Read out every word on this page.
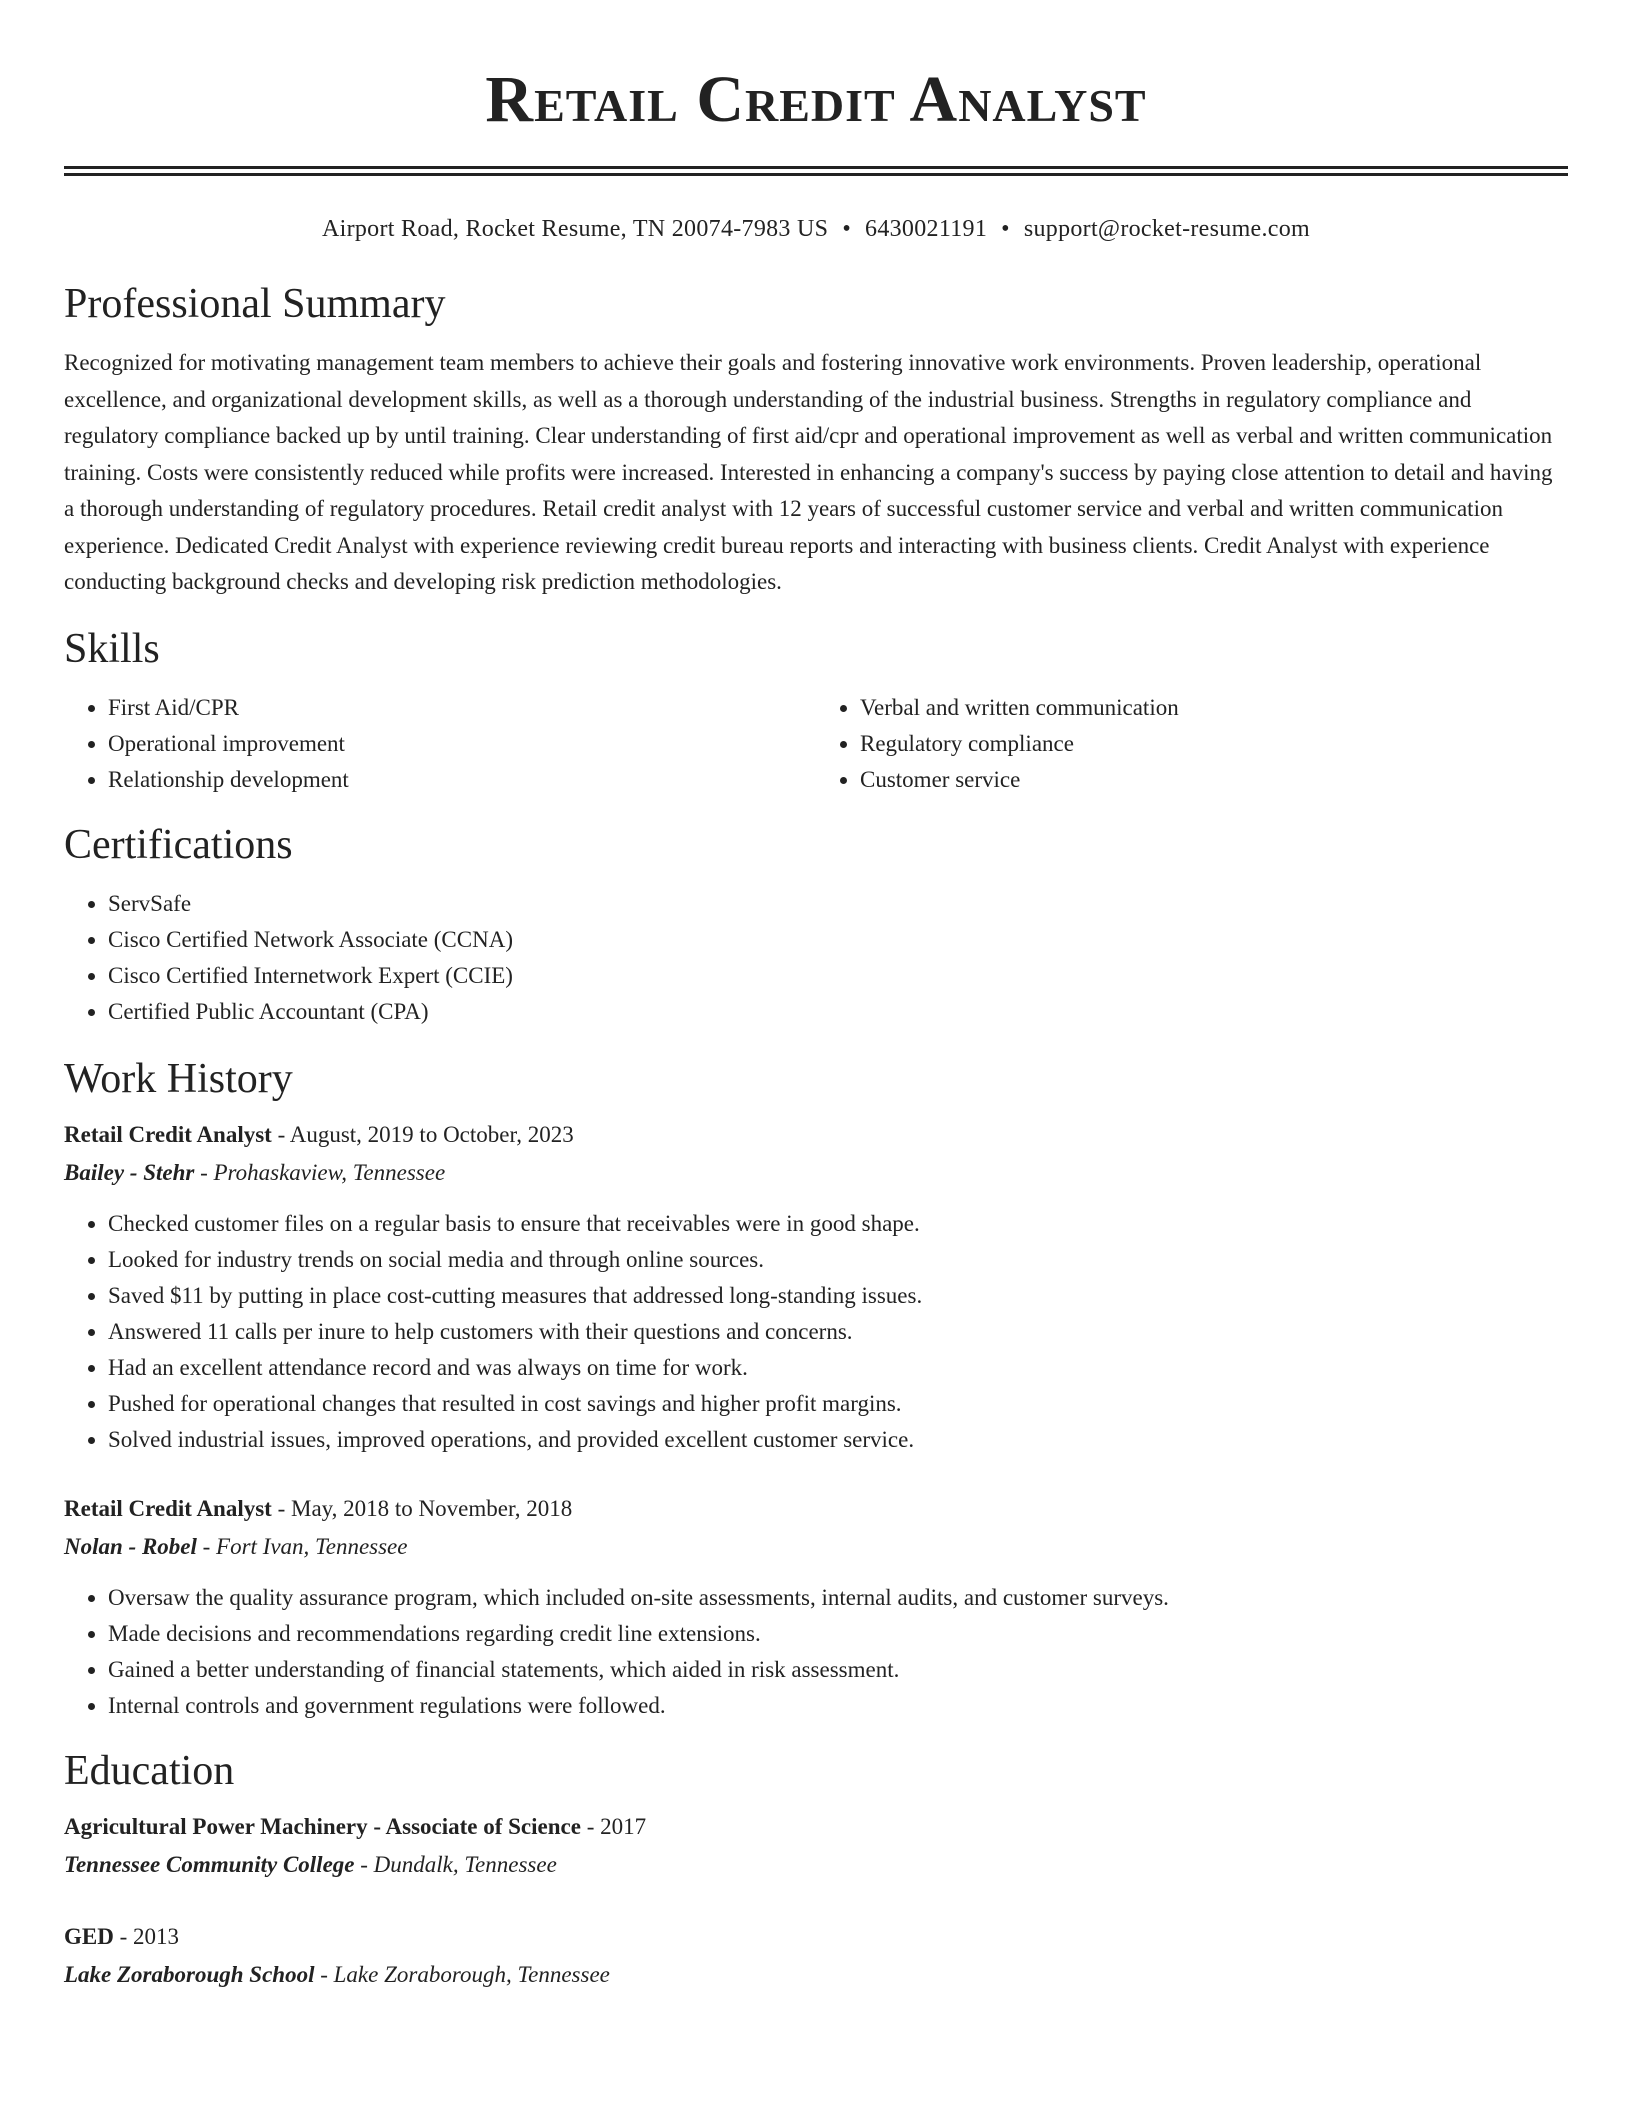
Retail Credit Analyst
Airport Road, Rocket Resume, TN 20074-7983 US • 6430021191 • support@rocket-resume.com
Professional Summary

Recognized for motivating management team members to achieve their goals and fostering innovative work environments. Proven leadership, operational excellence, and organizational development skills, as well as a thorough understanding of the industrial business. Strengths in regulatory compliance and regulatory compliance backed up by until training. Clear understanding of first aid/cpr and operational improvement as well as verbal and written communication training. Costs were consistently reduced while profits were increased. Interested in enhancing a company's success by paying close attention to detail and having a thorough understanding of regulatory procedures. Retail credit analyst with 12 years of successful customer service and verbal and written communication experience. Dedicated Credit Analyst with experience reviewing credit bureau reports and interacting with business clients. Credit Analyst with experience conducting background checks and developing risk prediction methodologies.

Skills
• First Aid/CPR
• Operational improvement
• Relationship development
• Verbal and written communication
• Regulatory compliance
• Customer service
Certifications
• ServSafe
• Cisco Certified Network Associate (CCNA)
• Cisco Certified Internetwork Expert (CCIE)
• Certified Public Accountant (CPA)
Work History
Retail Credit Analyst - August, 2019 to October, 2023
Bailey - Stehr - Prohaskaview, Tennessee
• Checked customer files on a regular basis to ensure that receivables were in good shape.
• Looked for industry trends on social media and through online sources.
• Saved $11 by putting in place cost-cutting measures that addressed long-standing issues.
• Answered 11 calls per inure to help customers with their questions and concerns.
• Had an excellent attendance record and was always on time for work.
• Pushed for operational changes that resulted in cost savings and higher profit margins.
• Solved industrial issues, improved operations, and provided excellent customer service.
Retail Credit Analyst - May, 2018 to November, 2018
Nolan - Robel - Fort Ivan, Tennessee
• Oversaw the quality assurance program, which included on-site assessments, internal audits, and customer surveys.
• Made decisions and recommendations regarding credit line extensions.
• Gained a better understanding of financial statements, which aided in risk assessment.
• Internal controls and government regulations were followed.
Education
Agricultural Power Machinery - Associate of Science - 2017
Tennessee Community College - Dundalk, Tennessee
GED - 2013
Lake Zoraborough School - Lake Zoraborough, Tennessee
